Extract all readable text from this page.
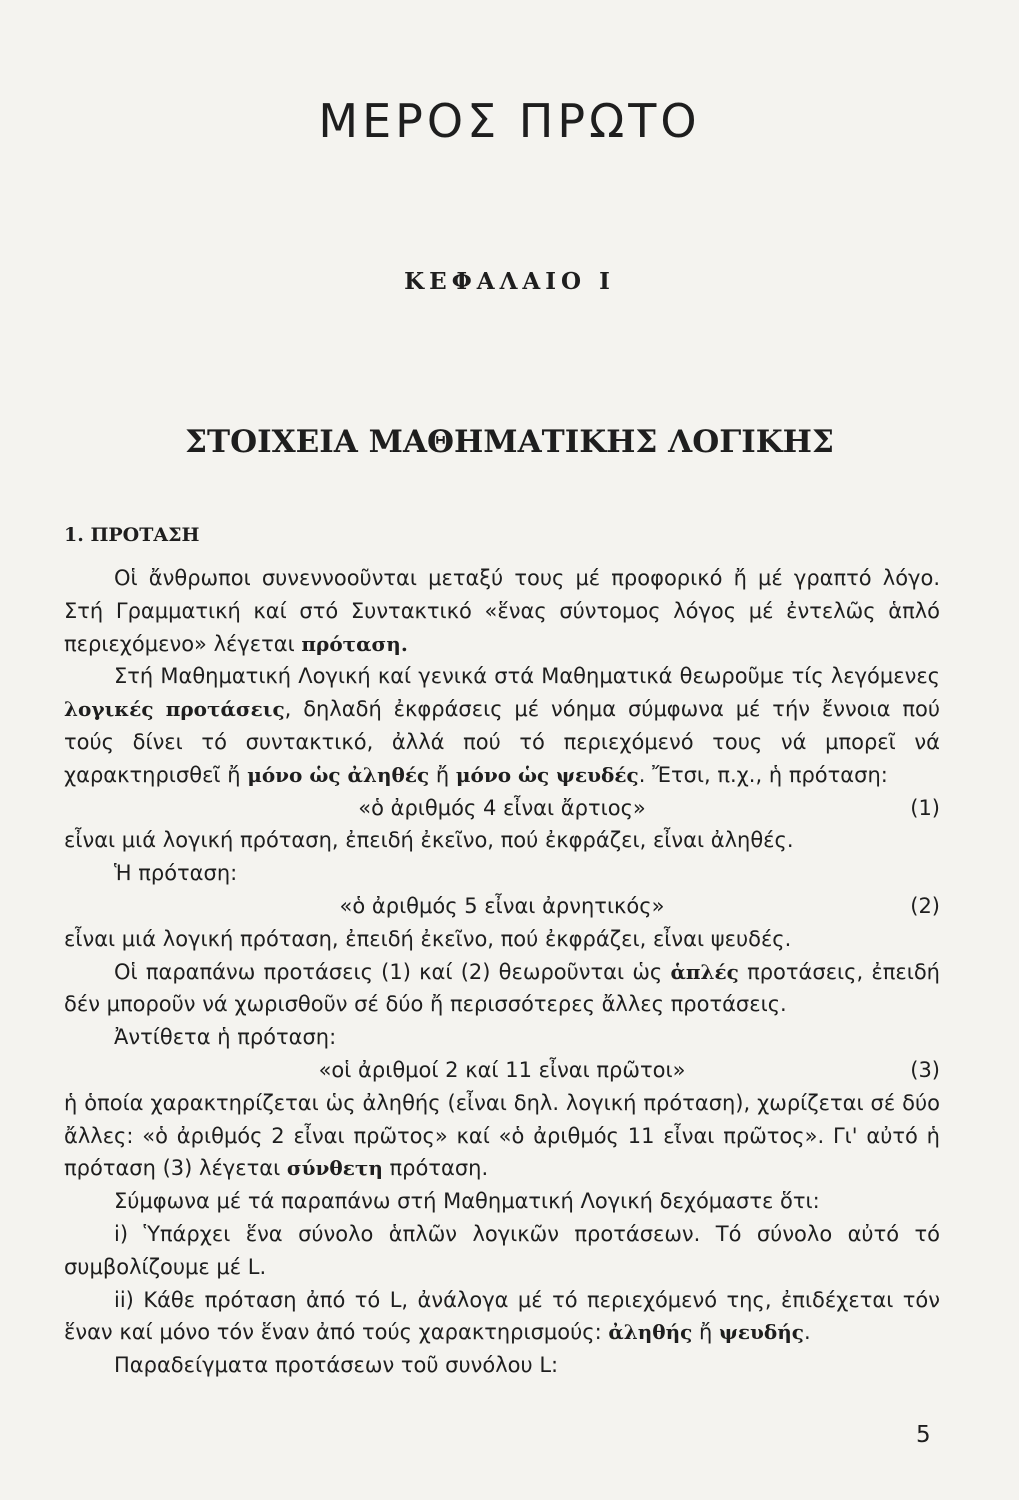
ΜΕΡΟΣ ΠΡΩΤΟ
ΚΕΦΑΛΑΙΟ Ι
ΣΤΟΙΧΕΙΑ ΜΑΘΗΜΑΤΙΚΗΣ ΛΟΓΙΚΗΣ
1. ΠΡΟΤΑΣΗ

Οἱ ἄνθρωποι συνεννοοῦνται μεταξύ τους μέ προφορικό ἤ μέ γραπτό λόγο. Στή Γραμματική καί στό Συντακτικό «ἕνας σύντομος λόγος μέ ἐντελῶς ἁπλό περιεχόμενο» λέγεται πρόταση.

Στή Μαθηματική Λογική καί γενικά στά Μαθηματικά θεωροῦμε τίς λεγόμενες λογικές προτάσεις, δηλαδή ἐκφράσεις μέ νόημα σύμφωνα μέ τήν ἔννοια πού τούς δίνει τό συντακτικό, ἀλλά πού τό περιεχόμενό τους νά μπορεῖ νά χαρακτηρισθεῖ ἤ μόνο ὡς ἀληθές ἤ μόνο ὡς ψευδές. Ἔτσι, π.χ., ἡ πρόταση:

«ὁ ἀριθμός 4 εἶναι ἄρτιος»	(1)

εἶναι μιά λογική πρόταση, ἐπειδή ἐκεῖνο, πού ἐκφράζει, εἶναι ἀληθές.

Ἡ πρόταση:

«ὁ ἀριθμός 5 εἶναι ἀρνητικός»	(2)

εἶναι μιά λογική πρόταση, ἐπειδή ἐκεῖνο, πού ἐκφράζει, εἶναι ψευδές.

Οἱ παραπάνω προτάσεις (1) καί (2) θεωροῦνται ὡς ἁπλές προτάσεις, ἐπειδή δέν μποροῦν νά χωρισθοῦν σέ δύο ἤ περισσότερες ἄλλες προτάσεις.

Ἀντίθετα ἡ πρόταση:

«οἱ ἀριθμοί 2 καί 11 εἶναι πρῶτοι»	(3)

ἡ ὁποία χαρακτηρίζεται ὡς ἀληθής (εἶναι δηλ. λογική πρόταση), χωρίζεται σέ δύο ἄλλες: «ὁ ἀριθμός 2 εἶναι πρῶτος» καί «ὁ ἀριθμός 11 εἶναι πρῶτος». Γι' αὐτό ἡ πρόταση (3) λέγεται σύνθετη πρόταση.

Σύμφωνα μέ τά παραπάνω στή Μαθηματική Λογική δεχόμαστε ὅτι:

i) Ὑπάρχει ἕνα σύνολο ἁπλῶν λογικῶν προτάσεων. Τό σύνολο αὐτό τό συμβολίζουμε μέ L.

ii) Κάθε πρόταση ἀπό τό L, ἀνάλογα μέ τό περιεχόμενό της, ἐπιδέχεται τόν ἕναν καί μόνο τόν ἕναν ἀπό τούς χαρακτηρισμούς: ἀληθής ἤ ψευδής.

Παραδείγματα προτάσεων τοῦ συνόλου L:

5
